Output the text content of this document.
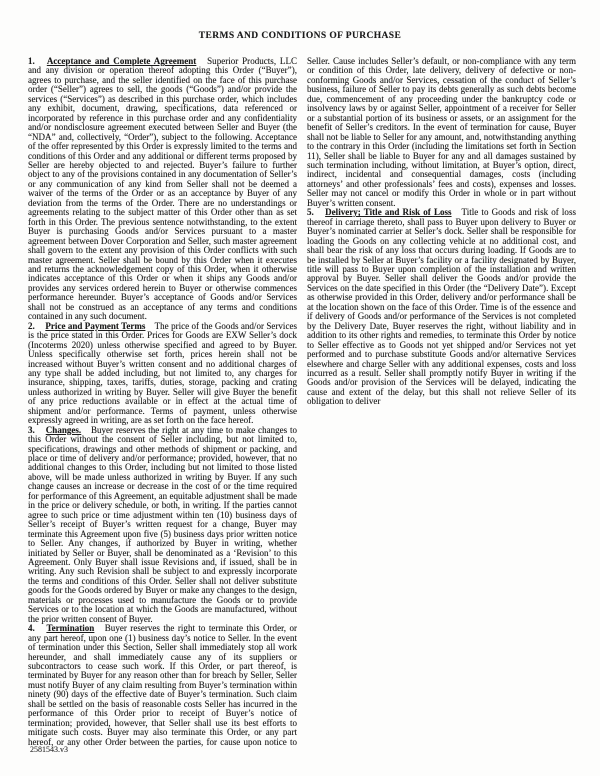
TERMS AND CONDITIONS OF PURCHASE

1. Acceptance and Complete Agreement Superior Products, LLC and any division or operation thereof adopting this Order (“Buyer”), agrees to purchase, and the seller identified on the face of this purchase order (“Seller”) agrees to sell, the goods (“Goods”) and/or provide the services (“Services”) as described in this purchase order, which includes any exhibit, document, drawing, specifications, data referenced or incorporated by reference in this purchase order and any confidentiality and/or nondisclosure agreement executed between Seller and Buyer (the “NDA” and, collectively, “Order”), subject to the following. Acceptance of the offer represented by this Order is expressly limited to the terms and conditions of this Order and any additional or different terms proposed by Seller are hereby objected to and rejected. Buyer’s failure to further object to any of the provisions contained in any documentation of Seller’s or any communication of any kind from Seller shall not be deemed a waiver of the terms of the Order or as an acceptance by Buyer of any deviation from the terms of the Order. There are no understandings or agreements relating to the subject matter of this Order other than as set forth in this Order. The previous sentence notwithstanding, to the extent Buyer is purchasing Goods and/or Services pursuant to a master agreement between Dover Corporation and Seller, such master agreement shall govern to the extent any provision of this Order conflicts with such master agreement. Seller shall be bound by this Order when it executes and returns the acknowledgement copy of this Order, when it otherwise indicates acceptance of this Order or when it ships any Goods and/or provides any services ordered herein to Buyer or otherwise commences performance hereunder. Buyer’s acceptance of Goods and/or Services shall not be construed as an acceptance of any terms and conditions contained in any such document.

2. Price and Payment Terms The price of the Goods and/or Services is the price stated in this Order. Prices for Goods are EXW Seller’s dock (Incoterms 2020) unless otherwise specified and agreed to by Buyer. Unless specifically otherwise set forth, prices herein shall not be increased without Buyer’s written consent and no additional charges of any type shall be added including, but not limited to, any charges for insurance, shipping, taxes, tariffs, duties, storage, packing and crating unless authorized in writing by Buyer. Seller will give Buyer the benefit of any price reductions available or in effect at the actual time of shipment and/or performance. Terms of payment, unless otherwise expressly agreed in writing, are as set forth on the face hereof.

3. Changes. Buyer reserves the right at any time to make changes to this Order without the consent of Seller including, but not limited to, specifications, drawings and other methods of shipment or packing, and place or time of delivery and/or performance; provided, however, that no additional changes to this Order, including but not limited to those listed above, will be made unless authorized in writing by Buyer. If any such change causes an increase or decrease in the cost of or the time required for performance of this Agreement, an equitable adjustment shall be made in the price or delivery schedule, or both, in writing. If the parties cannot agree to such price or time adjustment within ten (10) business days of Seller’s receipt of Buyer’s written request for a change, Buyer may terminate this Agreement upon five (5) business days prior written notice to Seller. Any changes, if authorized by Buyer in writing, whether initiated by Seller or Buyer, shall be denominated as a ‘Revision’ to this Agreement. Only Buyer shall issue Revisions and, if issued, shall be in writing. Any such Revision shall be subject to and expressly incorporate the terms and conditions of this Order. Seller shall not deliver substitute goods for the Goods ordered by Buyer or make any changes to the design, materials or processes used to manufacture the Goods or to provide Services or to the location at which the Goods are manufactured, without the prior written consent of Buyer.

4. Termination Buyer reserves the right to terminate this Order, or any part hereof, upon one (1) business day’s notice to Seller. In the event of termination under this Section, Seller shall immediately stop all work hereunder, and shall immediately cause any of its suppliers or subcontractors to cease such work. If this Order, or part thereof, is terminated by Buyer for any reason other than for breach by Seller, Seller must notify Buyer of any claim resulting from Buyer’s termination within ninety (90) days of the effective date of Buyer’s termination. Such claim shall be settled on the basis of reasonable costs Seller has incurred in the performance of this Order prior to receipt of Buyer’s notice of termination; provided, however, that Seller shall use its best efforts to mitigate such costs. Buyer may also terminate this Order, or any part hereof, or any other Order between the parties, for cause upon notice to Seller. Cause includes Seller’s default, or non-compliance with any term or condition of this Order, late delivery, delivery of defective or non-conforming Goods and/or Services, cessation of the conduct of Seller’s business, failure of Seller to pay its debts generally as such debts become due, commencement of any proceeding under the bankruptcy code or insolvency laws by or against Seller, appointment of a receiver for Seller or a substantial portion of its business or assets, or an assignment for the benefit of Seller’s creditors. In the event of termination for cause, Buyer shall not be liable to Seller for any amount, and, notwithstanding anything to the contrary in this Order (including the limitations set forth in Section 11), Seller shall be liable to Buyer for any and all damages sustained by such termination including, without limitation, at Buyer’s option, direct, indirect, incidental and consequential damages, costs (including attorneys’ and other professionals’ fees and costs), expenses and losses. Seller may not cancel or modify this Order in whole or in part without Buyer’s written consent.

5. Delivery; Title and Risk of Loss Title to Goods and risk of loss thereof in carriage thereto, shall pass to Buyer upon delivery to Buyer or Buyer’s nominated carrier at Seller’s dock. Seller shall be responsible for loading the Goods on any collecting vehicle at no additional cost, and shall bear the risk of any loss that occurs during loading. If Goods are to be installed by Seller at Buyer’s facility or a facility designated by Buyer, title will pass to Buyer upon completion of the installation and written approval by Buyer. Seller shall deliver the Goods and/or provide the Services on the date specified in this Order (the “Delivery Date”). Except as otherwise provided in this Order, delivery and/or performance shall be at the location shown on the face of this Order. Time is of the essence and if delivery of Goods and/or performance of the Services is not completed by the Delivery Date, Buyer reserves the right, without liability and in addition to its other rights and remedies, to terminate this Order by notice to Seller effective as to Goods not yet shipped and/or Services not yet performed and to purchase substitute Goods and/or alternative Services elsewhere and charge Seller with any additional expenses, costs and loss incurred as a result. Seller shall promptly notify Buyer in writing if the Goods and/or provision of the Services will be delayed, indicating the cause and extent of the delay, but this shall not relieve Seller of its obligation to deliver

2581543.v3
